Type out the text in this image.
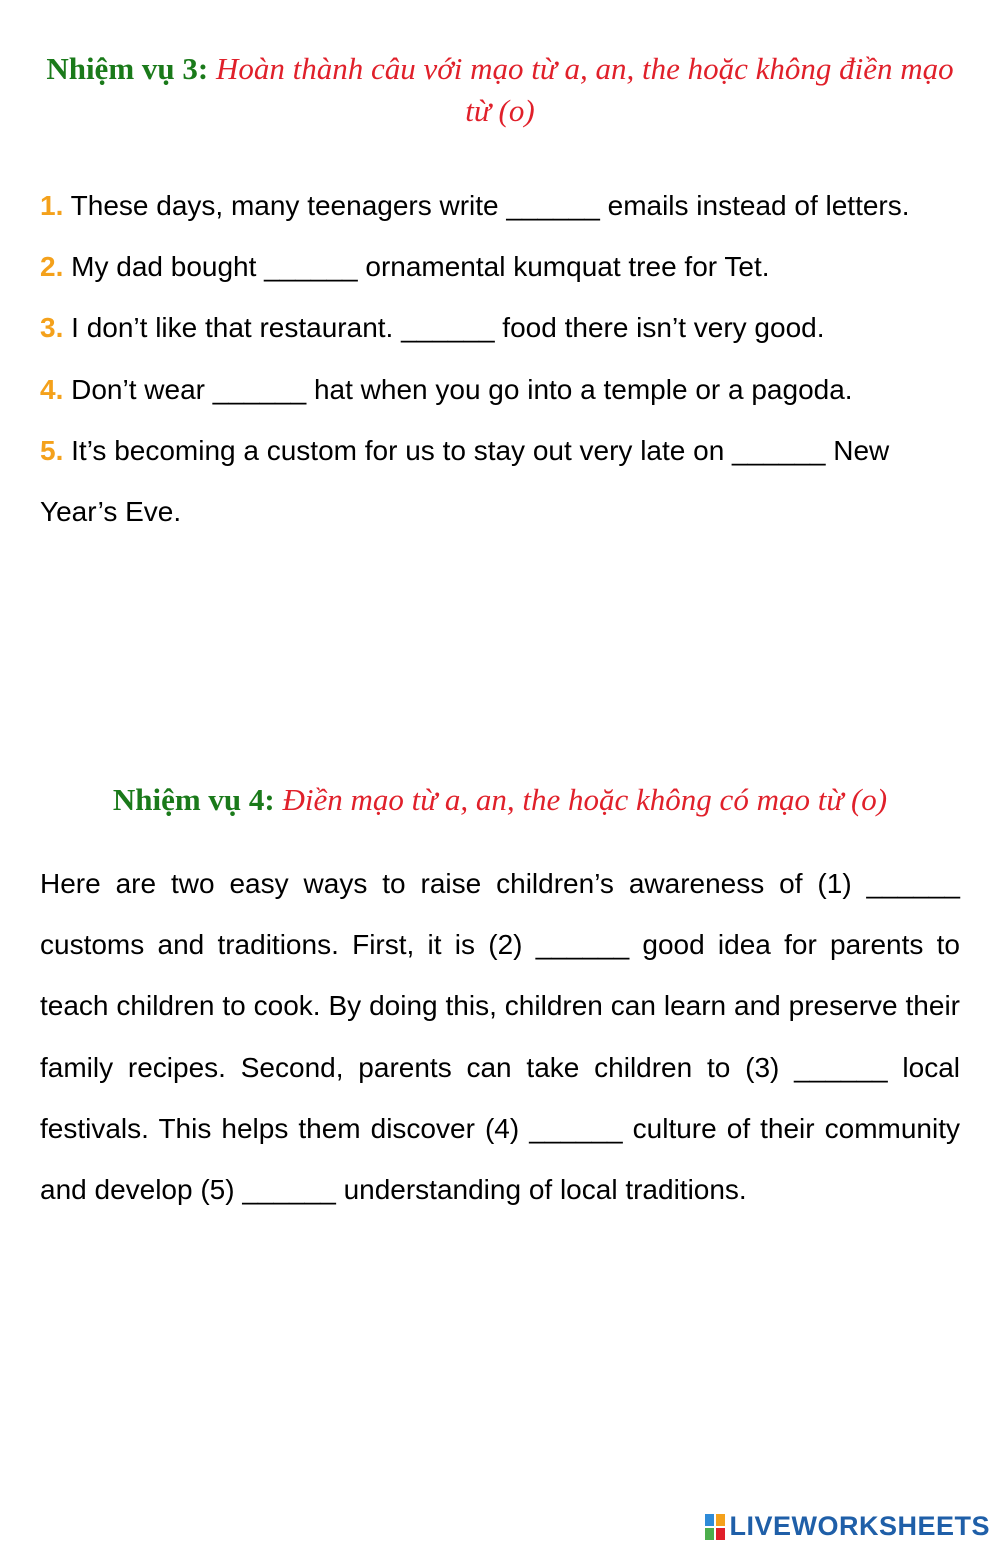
Nhiệm vụ 3: Hoàn thành câu với mạo từ a, an, the hoặc không điền mạo từ (o)
1. These days, many teenagers write ______ emails instead of letters.
2. My dad bought ______ ornamental kumquat tree for Tet.
3. I don’t like that restaurant. ______ food there isn’t very good.
4. Don’t wear ______ hat when you go into a temple or a pagoda.
5. It’s becoming a custom for us to stay out very late on ______ New Year’s Eve.
Nhiệm vụ 4: Điền mạo từ a, an, the hoặc không có mạo từ (o)
Here are two easy ways to raise children’s awareness of (1) ______ customs and traditions. First, it is (2) ______ good idea for parents to teach children to cook. By doing this, children can learn and preserve their family recipes. Second, parents can take children to (3) ______ local festivals. This helps them discover (4) ______ culture of their community and develop (5) ______ understanding of local traditions.
LIVEWORKSHEETS
